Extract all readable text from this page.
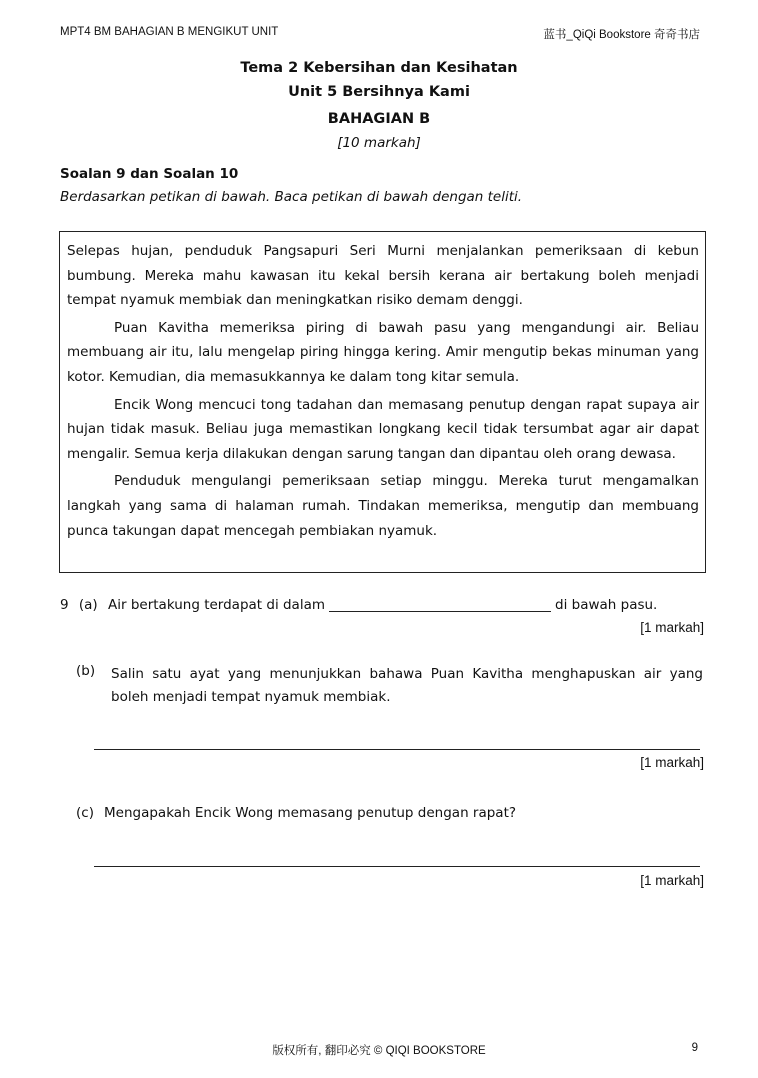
MPT4 BM BAHAGIAN B MENGIKUT UNIT	蓝书_QiQi Bookstore 奇奇书店
Tema 2 Kebersihan dan Kesihatan
Unit 5 Bersihnya Kami
BAHAGIAN B
[10 markah]
Soalan 9 dan Soalan 10
Berdasarkan petikan di bawah. Baca petikan di bawah dengan teliti.

Selepas hujan, penduduk Pangsapuri Seri Murni menjalankan pemeriksaan di kebun bumbung. Mereka mahu kawasan itu kekal bersih kerana air bertakung boleh menjadi tempat nyamuk membiak dan meningkatkan risiko demam denggi.

Puan Kavitha memeriksa piring di bawah pasu yang mengandungi air. Beliau membuang air itu, lalu mengelap piring hingga kering. Amir mengutip bekas minuman yang kotor. Kemudian, dia memasukkannya ke dalam tong kitar semula.

Encik Wong mencuci tong tadahan dan memasang penutup dengan rapat supaya air hujan tidak masuk. Beliau juga memastikan longkang kecil tidak tersumbat agar air dapat mengalir. Semua kerja dilakukan dengan sarung tangan dan dipantau oleh orang dewasa.

Penduduk mengulangi pemeriksaan setiap minggu. Mereka turut mengamalkan langkah yang sama di halaman rumah. Tindakan memeriksa, mengutip dan membuang punca takungan dapat mencegah pembiakan nyamuk.

9 (a) Air bertakung terdapat di dalam	di bawah pasu.
[1 markah]
(b) Salin satu ayat yang menunjukkan bahawa Puan Kavitha menghapuskan air yang boleh menjadi tempat nyamuk membiak.
[1 markah]
(c) Mengapakah Encik Wong memasang penutup dengan rapat?
[1 markah]
版权所有, 翻印必究 © QIQI BOOKSTORE	9
